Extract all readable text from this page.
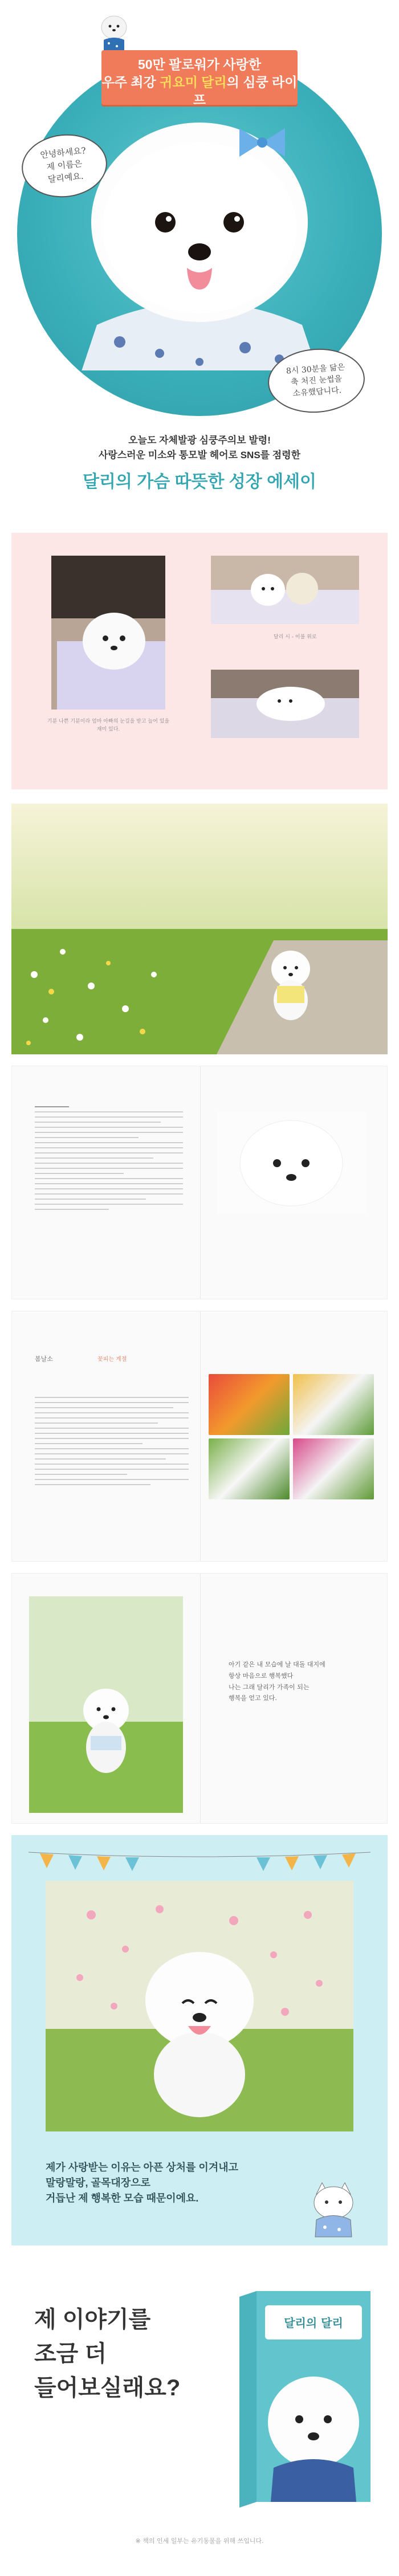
50만 팔로워가 사랑한
우주 최강 귀요미 달리의 심쿵 라이프
안녕하세요?
제 이름은
달리예요.
8시 30분을 닮은
축 처진 눈썹을
소유했답니다.
오늘도 자체발광 심쿵주의보 발령!
사랑스러운 미소와 통모발 헤어로 SNS를 점령한
달리의 가슴 따뜻한 성장 에세이
기분 나쁜 기분이라 엄마 아빠의 눈길을 받고 늘어 있을 재미 있다.
달리 시 - 이불 위로
봄날소	꽃피는 계절
아기 같은 내 모습에 날 대돌 대지에
항상 마음으로 행복했다
나는 그래 달리가 가족이 되는
행복을 얻고 있다.
제가 사랑받는 이유는 아픈 상처를 이겨내고
말랑말랑, 골목대장으로
거듭난 제 행복한 모습 때문이에요.
제 이야기를
조금 더
들어보실래요?
달리의 달리
※ 책의 인세 일부는 유기동물을 위해 쓰입니다.
